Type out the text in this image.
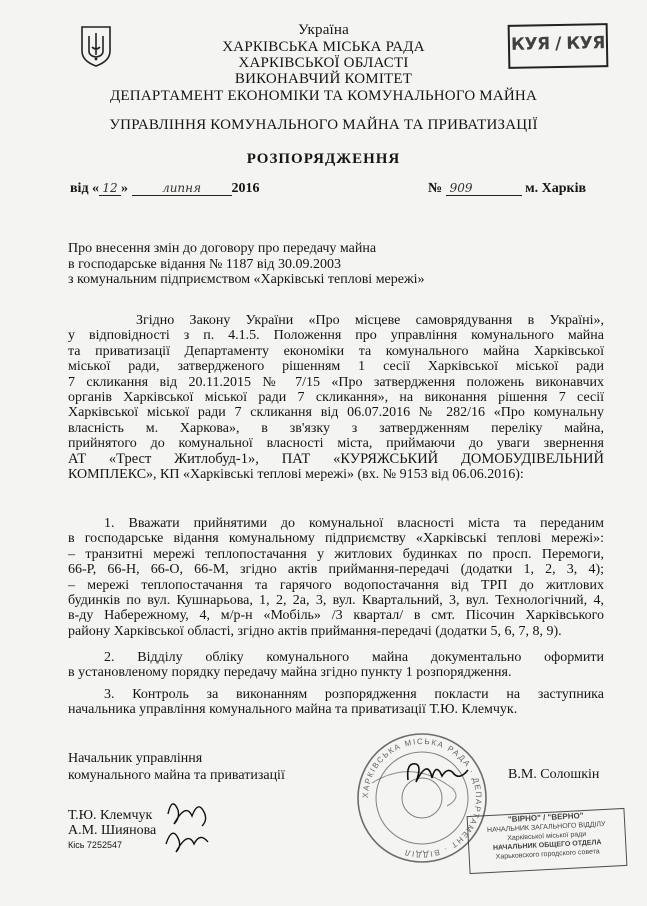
КУЯ / КУЯ
Україна
ХАРКІВСЬКА МІСЬКА РАДА
ХАРКІВСЬКОЇ ОБЛАСТІ
ВИКОНАВЧИЙ КОМІТЕТ
ДЕПАРТАМЕНТ ЕКОНОМІКИ ТА КОМУНАЛЬНОГО МАЙНА
УПРАВЛІННЯ КОМУНАЛЬНОГО МАЙНА ТА ПРИВАТИЗАЦІЇ
РОЗПОРЯДЖЕННЯ
від « 12 »	липня 2016	№ 909	м. Харків
Про внесення змін до договору про передачу майна
в господарське відання № 1187 від 30.09.2003
з комунальним підприємством «Харківські теплові мережі»
Згідно Закону України «Про місцеве самоврядування в Україні»,
у відповідності з п. 4.1.5. Положення про управління комунального майна
та приватизації Департаменту економіки та комунального майна Харківської
міської ради, затвердженого рішенням 1 сесії Харківської міської ради
7 скликання від 20.11.2015 № 7/15 «Про затвердження положень виконавчих
органів Харківської міської ради 7 скликання», на виконання рішення 7 сесії
Харківської міської ради 7 скликання від 06.07.2016 № 282/16 «Про комунальну
власність м. Харкова», в зв'язку з затвердженням переліку майна,
прийнятого до комунальної власності міста, приймаючи до уваги звернення
АТ «Трест Житлобуд-1», ПАТ «КУРЯЖСЬКИЙ ДОМОБУДІВЕЛЬНИЙ
КОМПЛЕКС», КП «Харківські теплові мережі» (вх. № 9153 від 06.06.2016):
1. Вважати прийнятими до комунальної власності міста та переданим
в господарське відання комунальному підприємству «Харківські теплові мережі»:
– транзитні мережі теплопостачання у житлових будинках по просп. Перемоги,
66-Р, 66-Н, 66-О, 66-М, згідно актів приймання-передачі (додатки 1, 2, 3, 4);
– мережі теплопостачання та гарячого водопостачання від ТРП до житлових
будинків по вул. Кушнарьова, 1, 2, 2а, 3, вул. Квартальний, 3, вул. Технологічний, 4,
в-ду Набережному, 4, м/р-н «Мобіль» /3 квартал/ в смт. Пісочин Харківського
району Харківської області, згідно актів приймання-передачі (додатки 5, 6, 7, 8, 9).
2. Відділу обліку комунального майна документально оформити
в установленому порядку передачу майна згідно пункту 1 розпорядження.
3. Контроль за виконанням розпорядження покласти на заступника
начальника управління комунального майна та приватизації Т.Ю. Клемчук.
Начальник управління
комунального майна та приватизації	В.М. Солошкін
ХАРКІВСЬКА МІСЬКА РАДА · ДЕПАРТАМЕНТ · ВІДДІЛ
Т.Ю. Клемчук
А.М. Шиянова
Кісь 7252547
"ВІРНО" / "ВЕРНО"
НАЧАЛЬНИК ЗАГАЛЬНОГО ВІДДІЛУ
Харківської міської ради
НАЧАЛЬНИК ОБЩЕГО ОТДЕЛА
Харьковского городского совета
